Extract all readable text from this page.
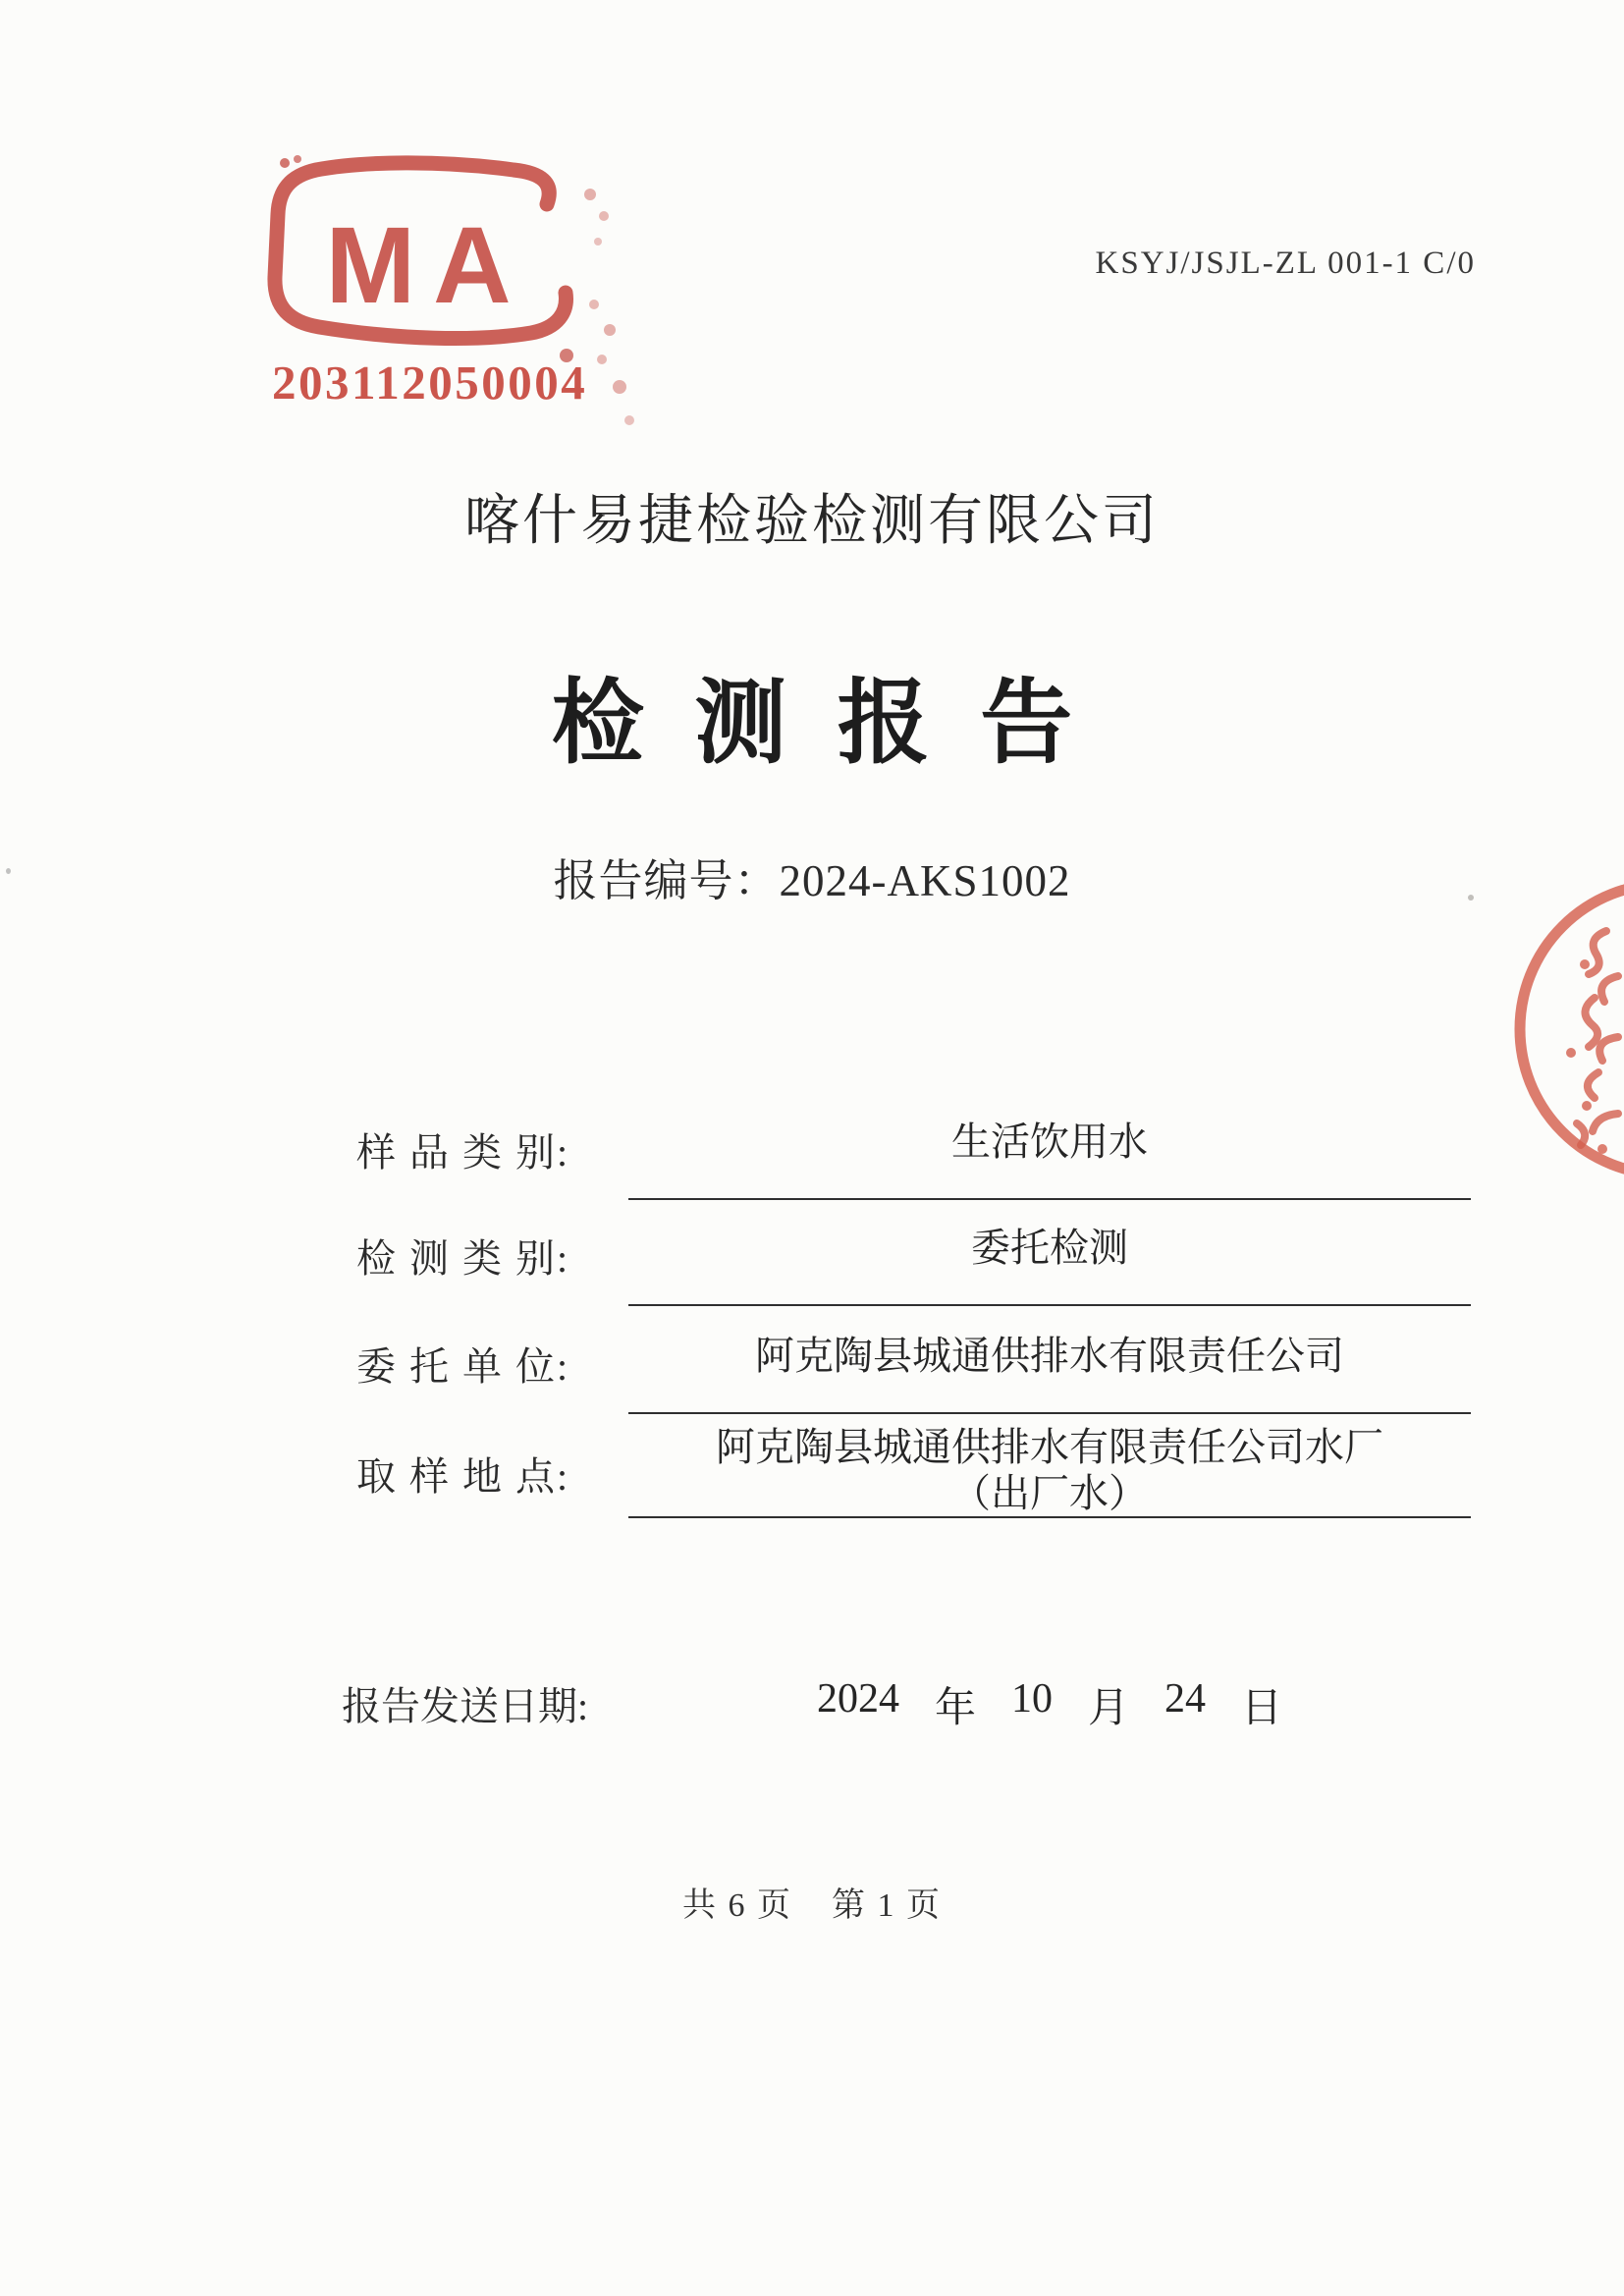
MA
203112050004
KSYJ/JSJL-ZL 001-1 C/0
喀什易捷检验检测有限公司
检 测 报 告
报告编号：2024-AKS1002
样 品 类 别:	生活饮用水
检 测 类 别:	委托检测
委 托 单 位:	阿克陶县城通供排水有限责任公司
取 样 地 点:
阿克陶县城通供排水有限责任公司水厂
（出厂水）
报告发送日期:	2024 年 10 月 24 日
共 6 页 第 1 页
